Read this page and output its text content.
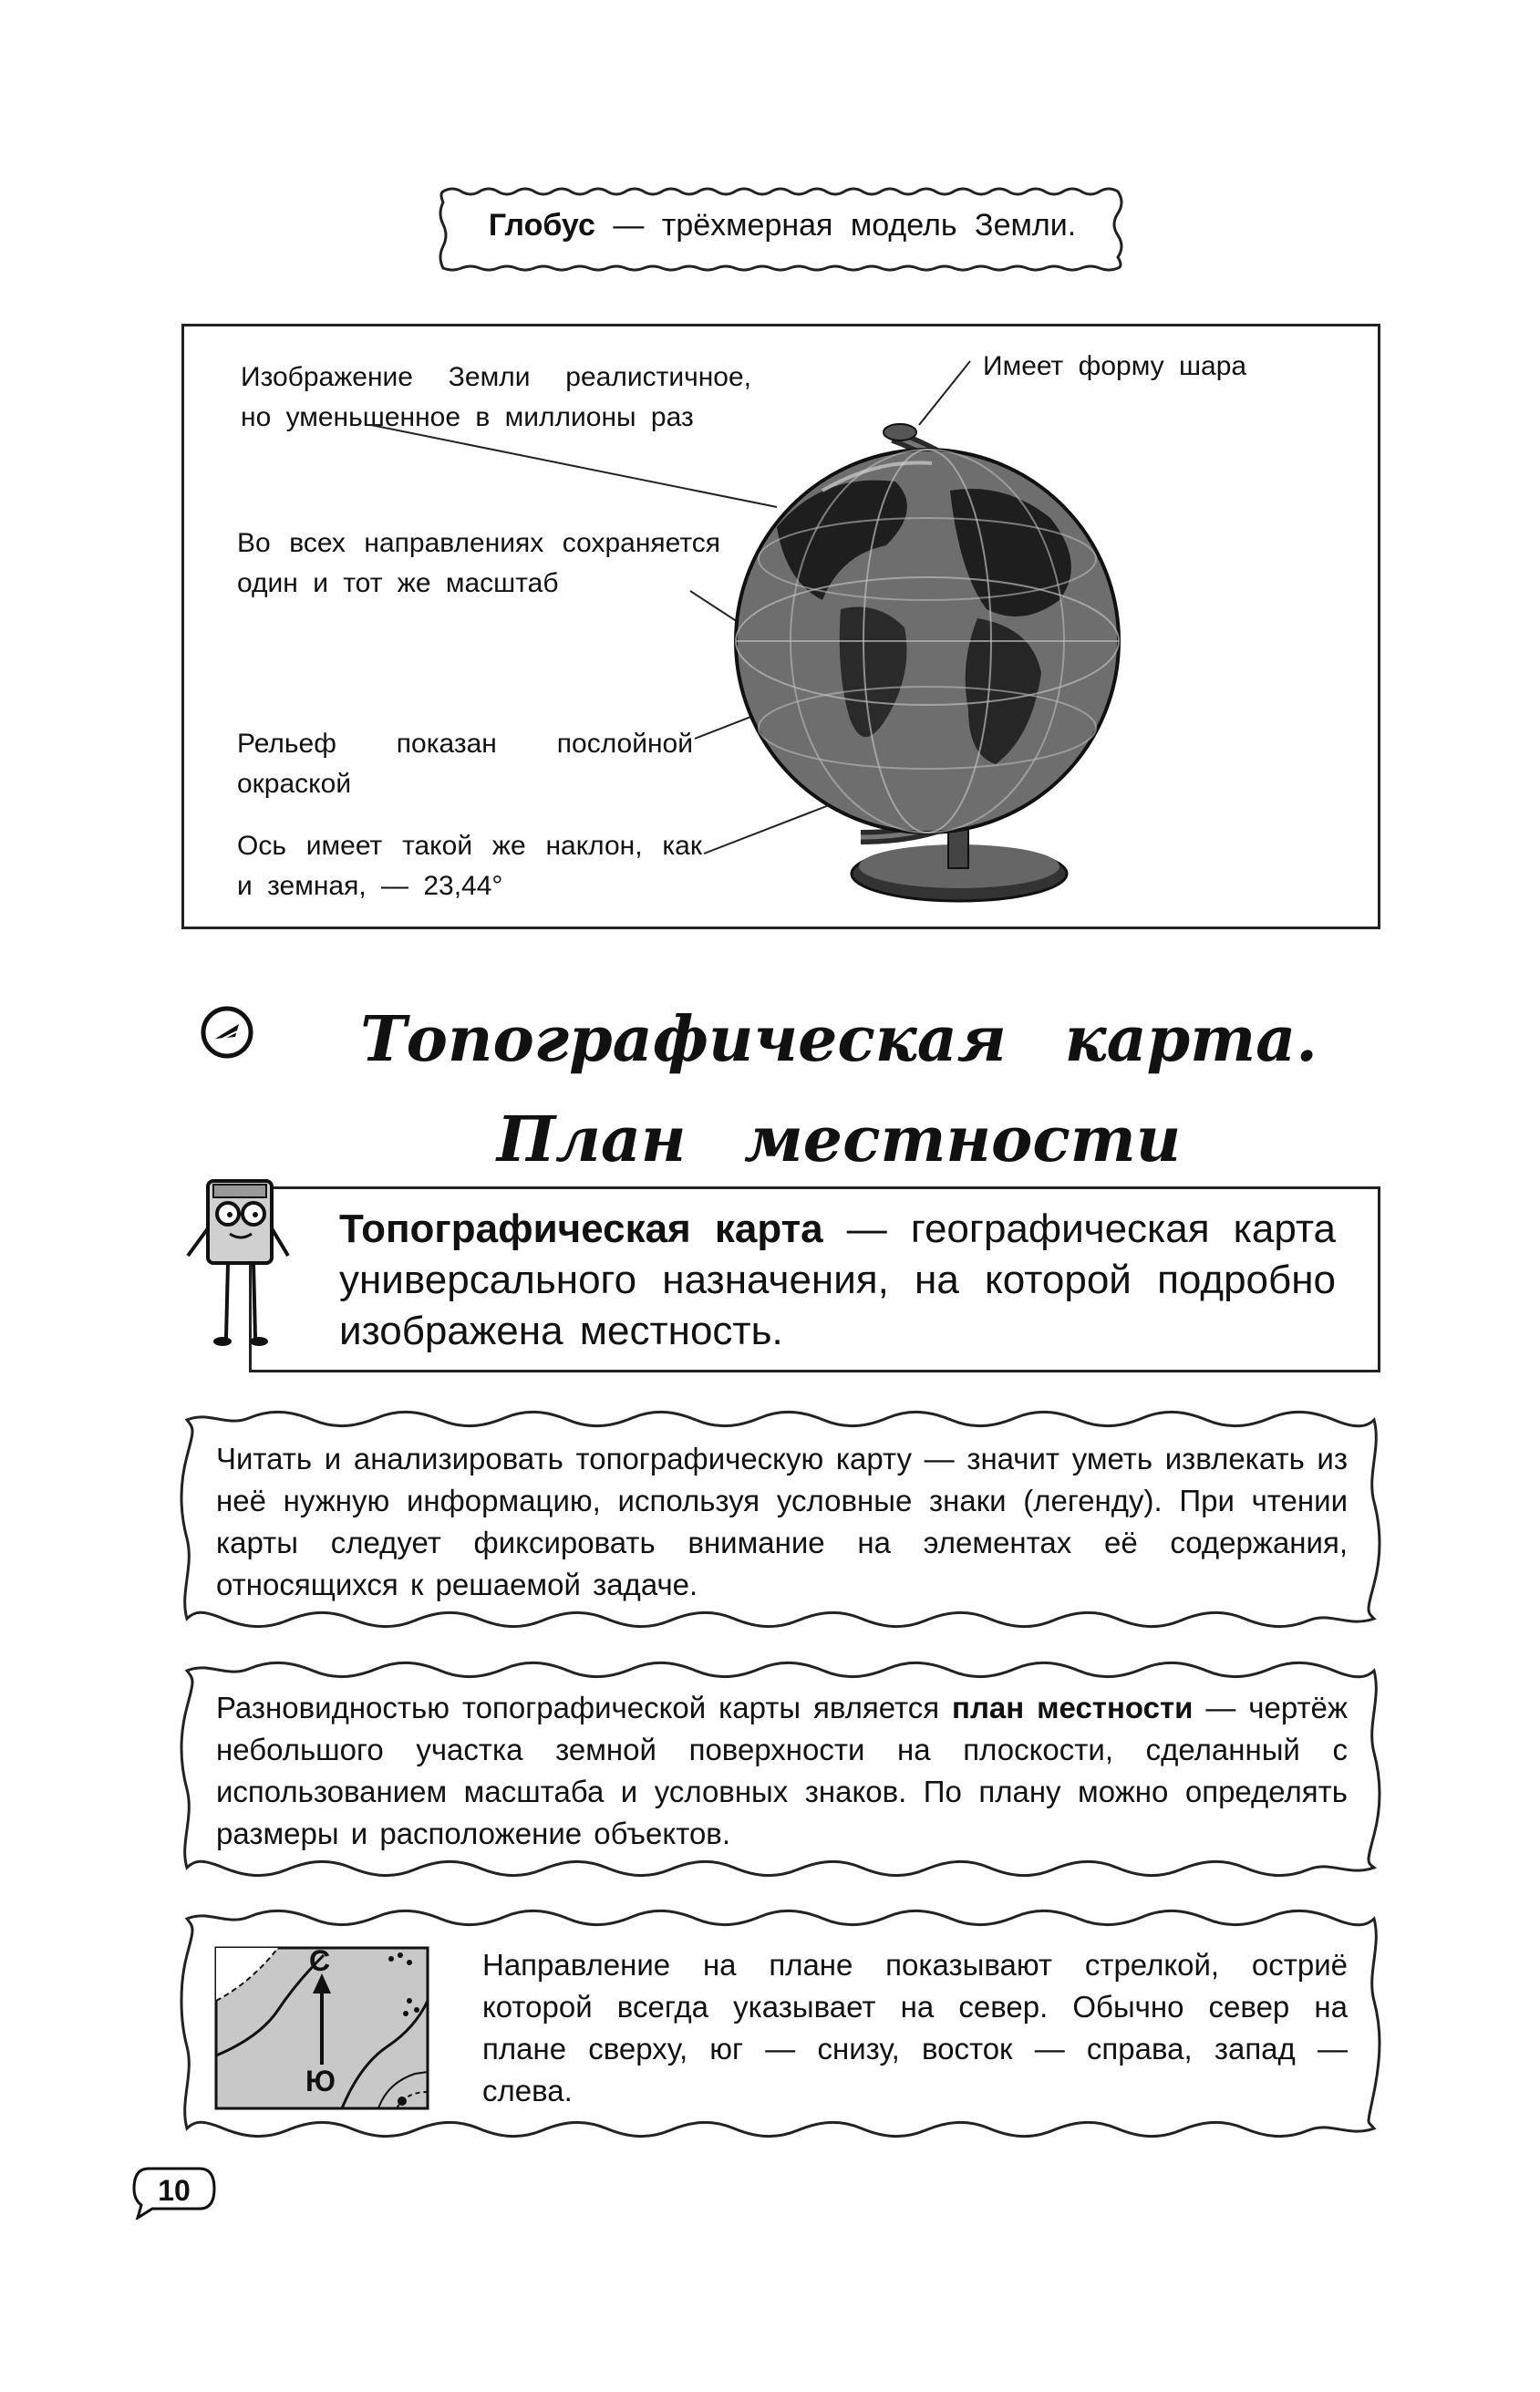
Глобус — трёхмерная модель Земли.
Изображение Земли реалистичное, но уменьшенное в миллионы раз
Имеет форму шара
Во всех направлениях сохраняется один и тот же масштаб
Рельеф показан послойной окраской
Ось имеет такой же наклон, как и земная, — 23,44°
Топографическая карта. План местности
Топографическая карта — географическая карта универсального назначения, на которой подробно изображена местность.
Читать и анализировать топографическую карту — значит уметь извлекать из неё нужную информацию, используя условные знаки (легенду). При чтении карты следует фиксировать внимание на элементах её содержания, относящихся к решаемой задаче.
Разновидностью топографической карты является план местности — чертёж небольшого участка земной поверхности на плоскости, сделанный с использованием масштаба и условных знаков. По плану можно определять размеры и расположение объектов.
С
Ю
Направление на плане показывают стрелкой, остриё которой всегда указывает на север. Обычно север на плане сверху, юг — снизу, восток — справа, запад — слева.
10
